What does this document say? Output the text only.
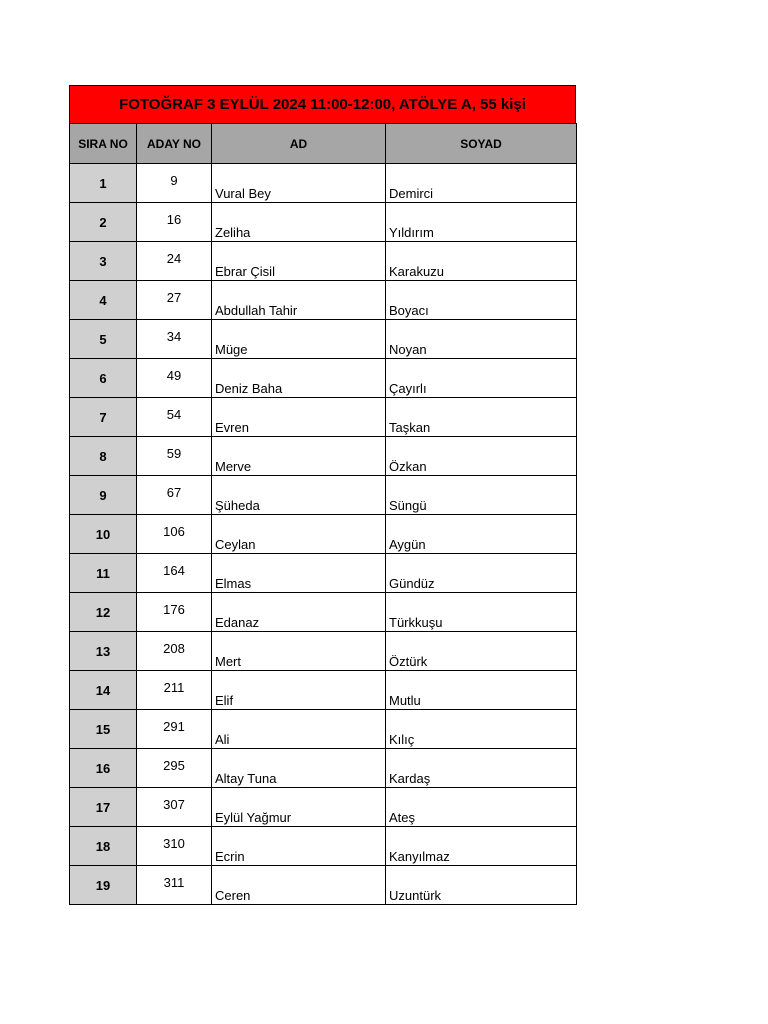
FOTOĞRAF 3 EYLÜL 2024 11:00-12:00, ATÖLYE A, 55 kişi
SIRA NO	ADAY NO	AD	SOYAD
1	9	Vural Bey	Demirci
2	16	Zeliha	Yıldırım
3	24	Ebrar Çisil	Karakuzu
4	27	Abdullah Tahir	Boyacı
5	34	Müge	Noyan
6	49	Deniz Baha	Çayırlı
7	54	Evren	Taşkan
8	59	Merve	Özkan
9	67	Şüheda	Süngü
10	106	Ceylan	Aygün
11	164	Elmas	Gündüz
12	176	Edanaz	Türkkuşu
13	208	Mert	Öztürk
14	211	Elif	Mutlu
15	291	Ali	Kılıç
16	295	Altay Tuna	Kardaş
17	307	Eylül Yağmur	Ateş
18	310	Ecrin	Kanyılmaz
19	311	Ceren	Uzuntürk
